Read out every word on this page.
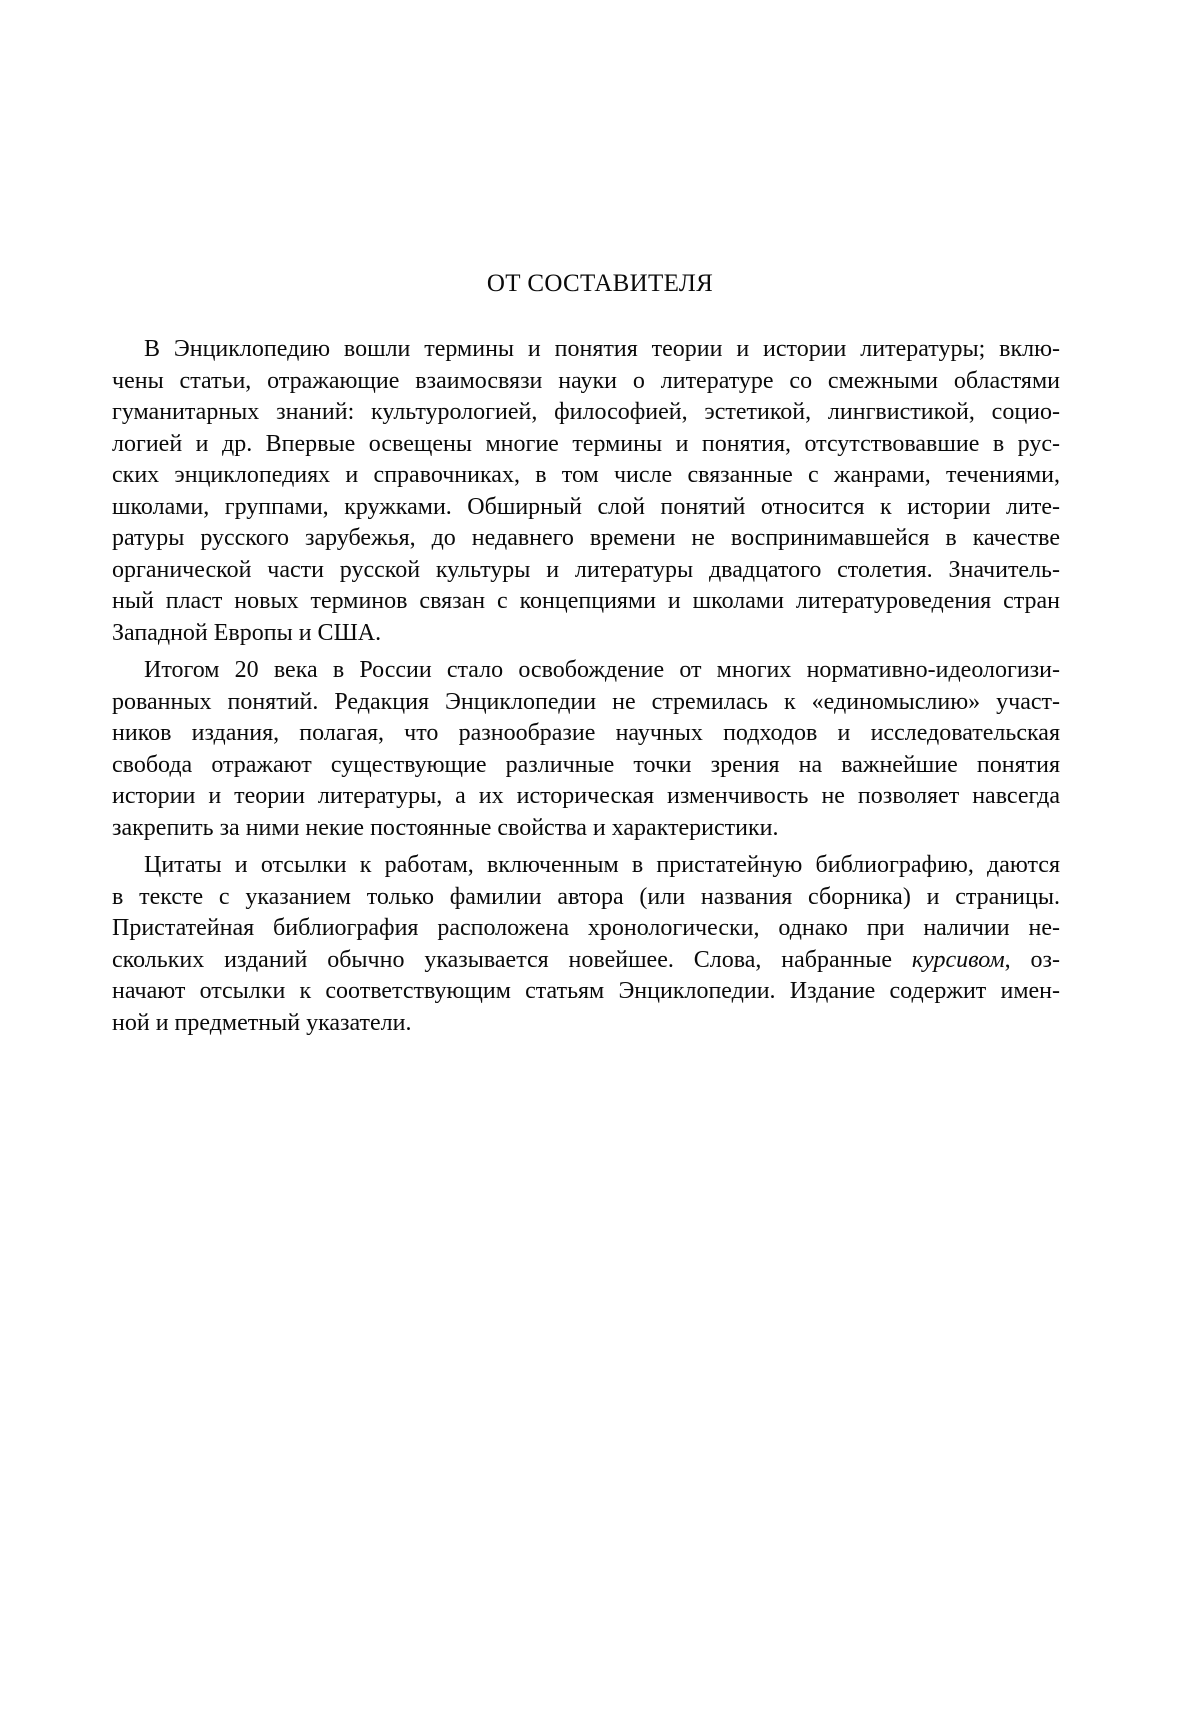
ОТ СОСТАВИТЕЛЯ

В Энциклопедию вошли термины и понятия теории и истории литературы; вклю-
чены статьи, отражающие взаимосвязи науки о литературе со смежными областями
гуманитарных знаний: культурологией, философией, эстетикой, лингвистикой, социо-
логией и др. Впервые освещены многие термины и понятия, отсутствовавшие в рус-
ских энциклопедиях и справочниках, в том числе связанные с жанрами, течениями,
школами, группами, кружками. Обширный слой понятий относится к истории лите-
ратуры русского зарубежья, до недавнего времени не воспринимавшейся в качестве
органической части русской культуры и литературы двадцатого столетия. Значитель-
ный пласт новых терминов связан с концепциями и школами литературоведения стран
Западной Европы и США.

Итогом 20 века в России стало освобождение от многих нормативно-идеологизи-
рованных понятий. Редакция Энциклопедии не стремилась к «единомыслию» участ-
ников издания, полагая, что разнообразие научных подходов и исследовательская
свобода отражают существующие различные точки зрения на важнейшие понятия
истории и теории литературы, а их историческая изменчивость не позволяет навсегда
закрепить за ними некие постоянные свойства и характеристики.

Цитаты и отсылки к работам, включенным в пристатейную библиографию, даются
в тексте с указанием только фамилии автора (или названия сборника) и страницы.
Пристатейная библиография расположена хронологически, однако при наличии не-
скольких изданий обычно указывается новейшее. Слова, набранные курсивом, оз-
начают отсылки к соответствующим статьям Энциклопедии. Издание содержит имен-
ной и предметный указатели.
